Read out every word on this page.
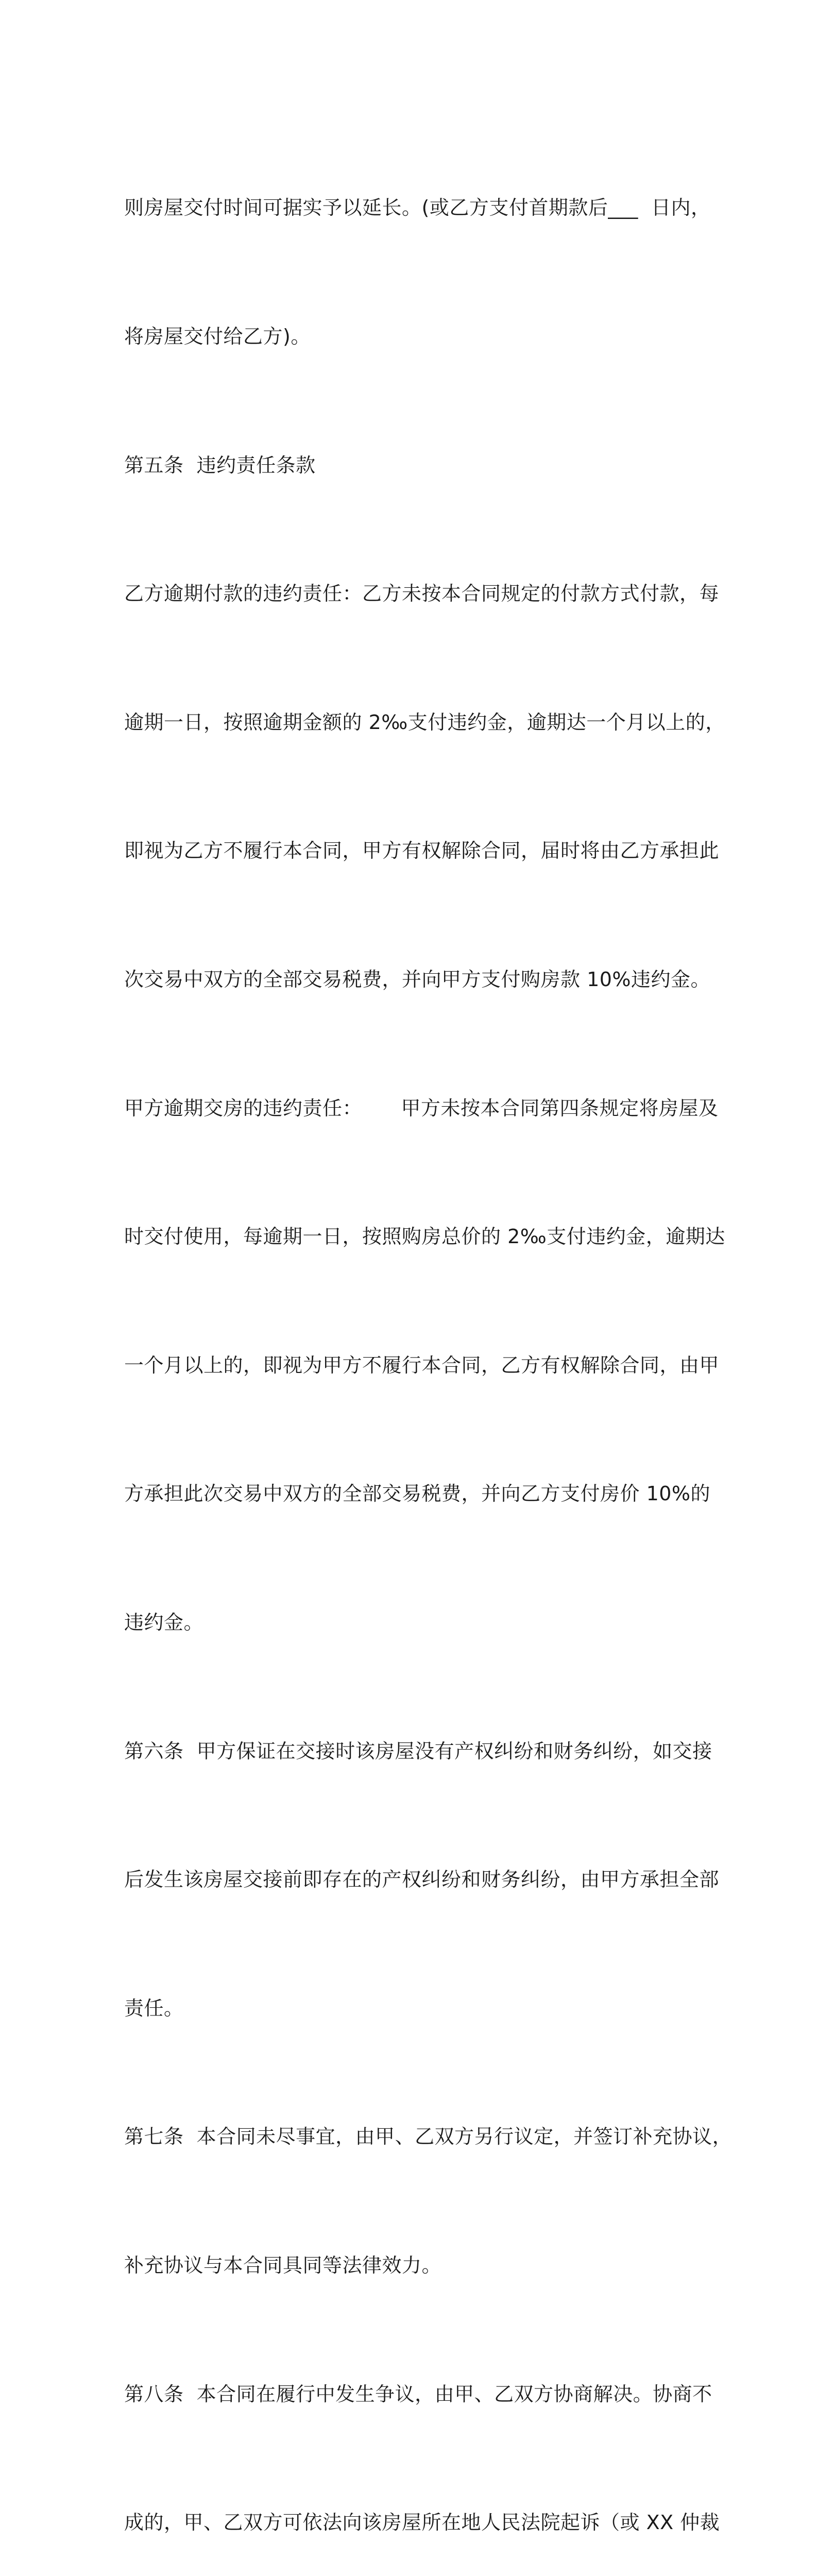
则房屋交付时间可据实予以延长。(或乙方支付首期款后___  日内，

将房屋交付给乙方)。

第五条  违约责任条款

乙方逾期付款的违约责任：乙方未按本合同规定的付款方式付款，每

逾期一日，按照逾期金额的 2‰支付违约金，逾期达一个月以上的，

即视为乙方不履行本合同，甲方有权解除合同，届时将由乙方承担此

次交易中双方的全部交易税费，并向甲方支付购房款 10%违约金。

甲方逾期交房的违约责任：      甲方未按本合同第四条规定将房屋及

时交付使用，每逾期一日，按照购房总价的 2‰支付违约金，逾期达

一个月以上的，即视为甲方不履行本合同，乙方有权解除合同，由甲

方承担此次交易中双方的全部交易税费，并向乙方支付房价 10%的

违约金。

第六条  甲方保证在交接时该房屋没有产权纠纷和财务纠纷，如交接

后发生该房屋交接前即存在的产权纠纷和财务纠纷，由甲方承担全部

责任。

第七条  本合同未尽事宜，由甲、乙双方另行议定，并签订补充协议，

补充协议与本合同具同等法律效力。

第八条  本合同在履行中发生争议，由甲、乙双方协商解决。协商不

成的，甲、乙双方可依法向该房屋所在地人民法院起诉（或 XX 仲裁
